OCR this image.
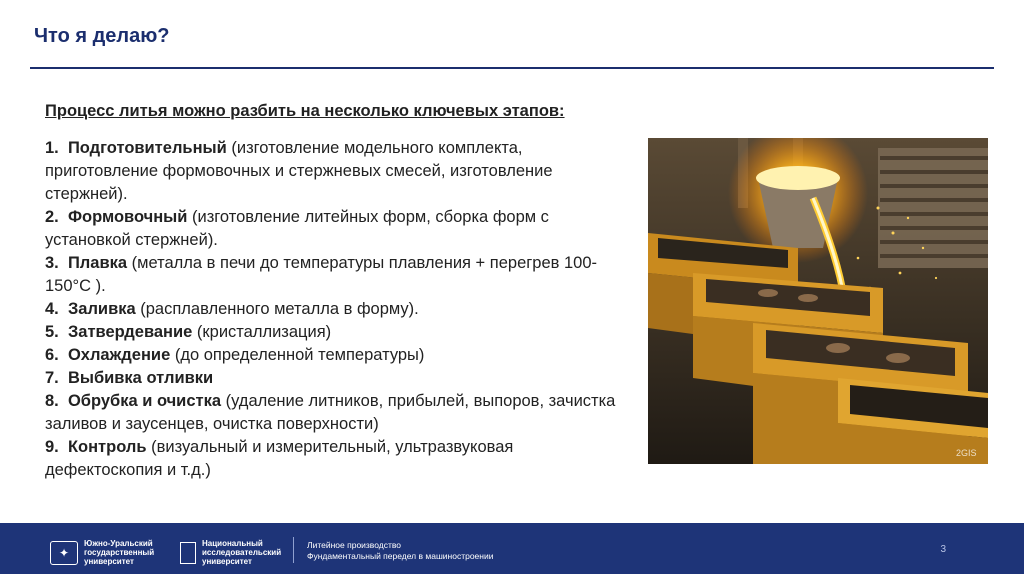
Что я делаю?

Процесс литья можно разбить на несколько ключевых этапов:

1. Подготовительный (изготовление модельного комплекта, приготовление формовочных и стержневых смесей, изготовление стержней).
2. Формовочный (изготовление литейных форм, сборка форм с установкой стержней).
3. Плавка (металла в печи до температуры плавления + перегрев 100-150°C ).
4. Заливка (расплавленного металла в форму).
5. Затвердевание (кристаллизация)
6. Охлаждение (до определенной температуры)
7. Выбивка отливки
8. Обрубка и очистка (удаление литников, прибылей, выпоров, зачистка заливов и заусенцев, очистка поверхности)
9. Контроль (визуальный и измерительный, ультразвуковая дефектоскопия и т.д.)
2GIS
✦
Южно-Уральский государственный университет
Национальный исследовательский университет
Литейное производство
Фундаментальный передел в машиностроении
3
